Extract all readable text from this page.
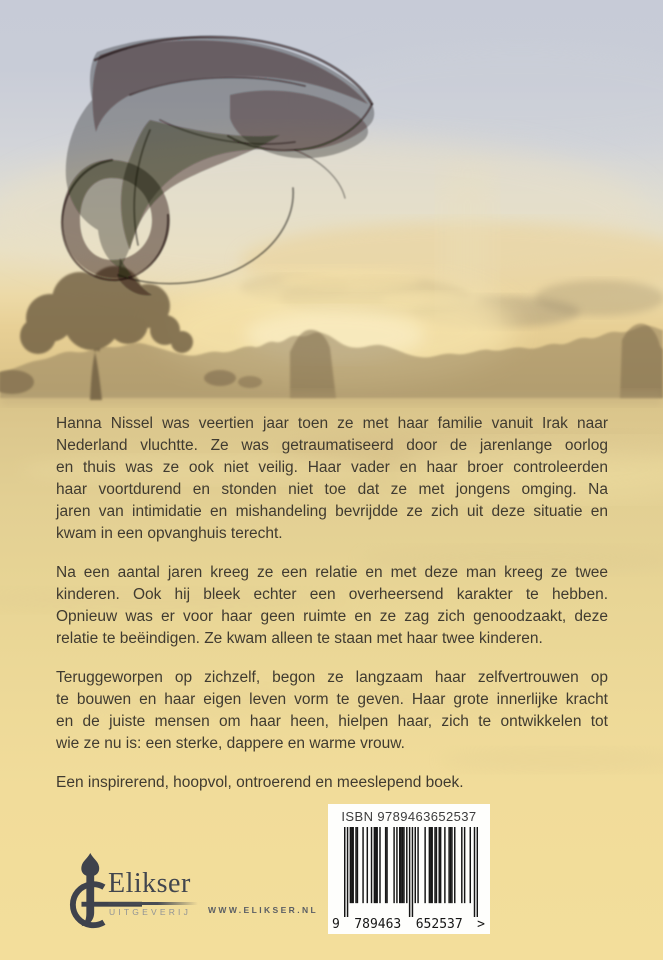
Hanna Nissel was veertien jaar toen ze met haar familie vanuit Irak naar
Nederland vluchtte. Ze was getraumatiseerd door de jarenlange oorlog
en thuis was ze ook niet veilig. Haar vader en haar broer controleerden
haar voortdurend en stonden niet toe dat ze met jongens omging. Na
jaren van intimidatie en mishandeling bevrijdde ze zich uit deze situatie en
kwam in een opvanghuis terecht.
Na een aantal jaren kreeg ze een relatie en met deze man kreeg ze twee
kinderen. Ook hij bleek echter een overheersend karakter te hebben.
Opnieuw was er voor haar geen ruimte en ze zag zich genoodzaakt, deze
relatie te beëindigen. Ze kwam alleen te staan met haar twee kinderen.
Teruggeworpen op zichzelf, begon ze langzaam haar zelfvertrouwen op
te bouwen en haar eigen leven vorm te geven. Haar grote innerlijke kracht
en de juiste mensen om haar heen, hielpen haar, zich te ontwikkelen tot
wie ze nu is: een sterke, dappere en warme vrouw.
Een inspirerend, hoopvol, ontroerend en meeslepend boek.
ISBN 9789463652537
9 789463 652537 >
Elikser
UITGEVERIJ WWW.ELIKSER.NL
